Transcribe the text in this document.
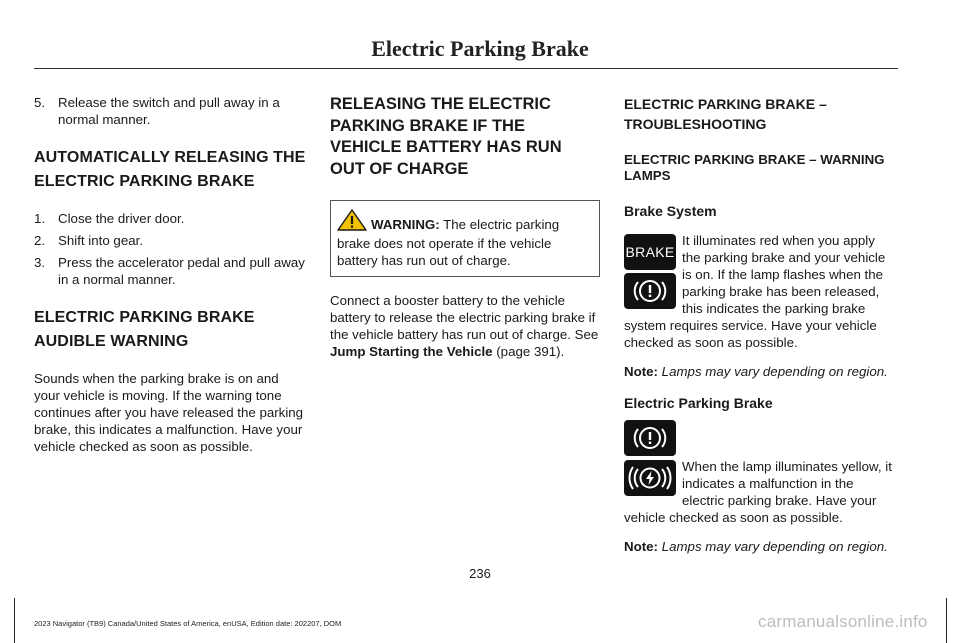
Electric Parking Brake
5. Release the switch and pull away in a normal manner.
AUTOMATICALLY RELEASING THE ELECTRIC PARKING BRAKE
1. Close the driver door.
2. Shift into gear.
3. Press the accelerator pedal and pull away in a normal manner.
ELECTRIC PARKING BRAKE AUDIBLE WARNING

Sounds when the parking brake is on and your vehicle is moving. If the warning tone continues after you have released the parking brake, this indicates a malfunction. Have your vehicle checked as soon as possible.

RELEASING THE ELECTRIC PARKING BRAKE IF THE VEHICLE BATTERY HAS RUN OUT OF CHARGE
WARNING: The electric parking brake does not operate if the vehicle battery has run out of charge.

Connect a booster battery to the vehicle battery to release the electric parking brake if the vehicle battery has run out of charge. See Jump Starting the Vehicle (page 391).

ELECTRIC PARKING BRAKE – TROUBLESHOOTING
ELECTRIC PARKING BRAKE – WARNING LAMPS
Brake System
BRAKE

It illuminates red when you apply the parking brake and your vehicle is on. If the lamp flashes when the parking brake has been released, this indicates the parking brake system requires service. Have your vehicle checked as soon as possible.

Note: Lamps may vary depending on region.

Electric Parking Brake

When the lamp illuminates yellow, it indicates a malfunction in the electric parking brake. Have your vehicle checked as soon as possible.

Note: Lamps may vary depending on region.

236
2023 Navigator (TB9) Canada/United States of America, enUSA, Edition date: 202207, DOM	carmanualsonline.info
